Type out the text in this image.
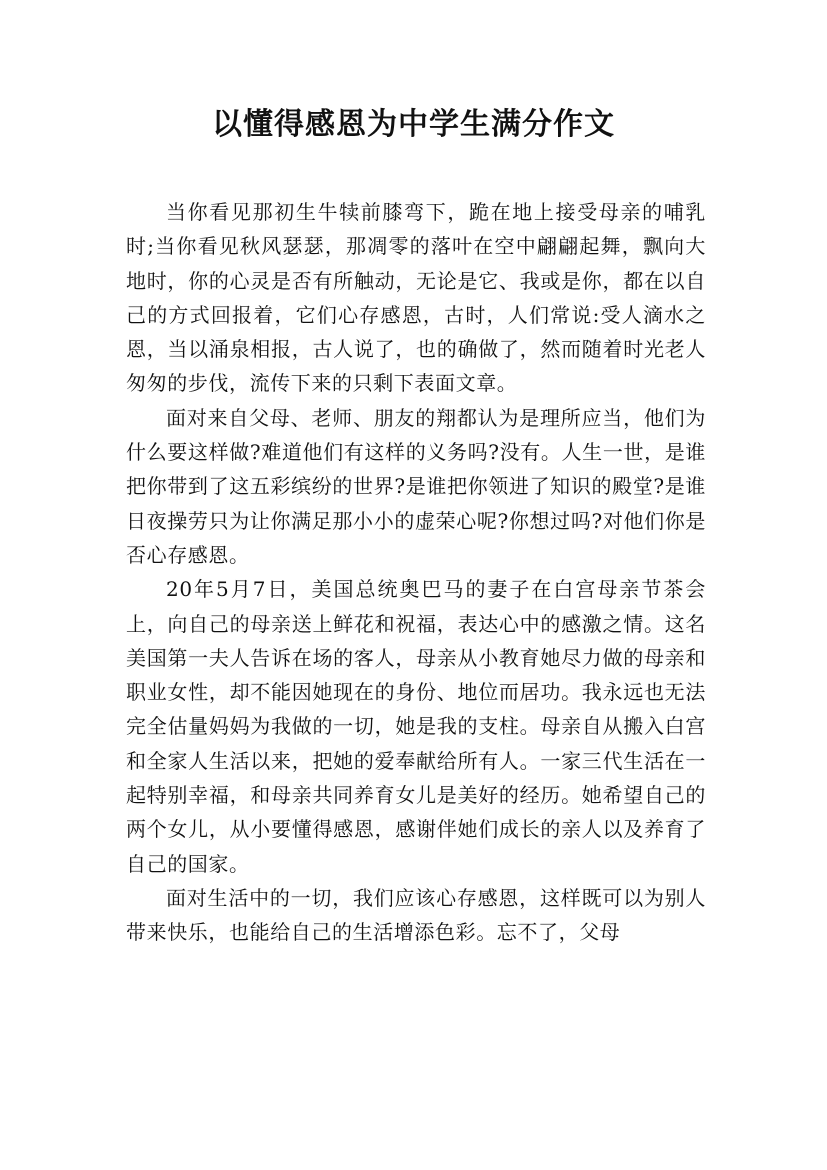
以懂得感恩为中学生满分作文

当你看见那初生牛犊前膝弯下，跪在地上接受母亲的哺乳时;当你看见秋风瑟瑟，那凋零的落叶在空中翩翩起舞，飘向大地时，你的心灵是否有所触动，无论是它、我或是你，都在以自己的方式回报着，它们心存感恩，古时，人们常说:受人滴水之恩，当以涌泉相报，古人说了，也的确做了，然而随着时光老人匆匆的步伐，流传下来的只剩下表面文章。

面对来自父母、老师、朋友的翔都认为是理所应当，他们为什么要这样做?难道他们有这样的义务吗?没有。人生一世，是谁把你带到了这五彩缤纷的世界?是谁把你领进了知识的殿堂?是谁日夜操劳只为让你满足那小小的虚荣心呢?你想过吗?对他们你是否心存感恩。

20年5月7日，美国总统奥巴马的妻子在白宫母亲节茶会上，向自己的母亲送上鲜花和祝福，表达心中的感激之情。这名美国第一夫人告诉在场的客人，母亲从小教育她尽力做的母亲和职业女性，却不能因她现在的身份、地位而居功。我永远也无法完全估量妈妈为我做的一切，她是我的支柱。母亲自从搬入白宫和全家人生活以来，把她的爱奉献给所有人。一家三代生活在一起特别幸福，和母亲共同养育女儿是美好的经历。她希望自己的两个女儿，从小要懂得感恩，感谢伴她们成长的亲人以及养育了自己的国家。

面对生活中的一切，我们应该心存感恩，这样既可以为别人带来快乐，也能给自己的生活增添色彩。忘不了，父母
